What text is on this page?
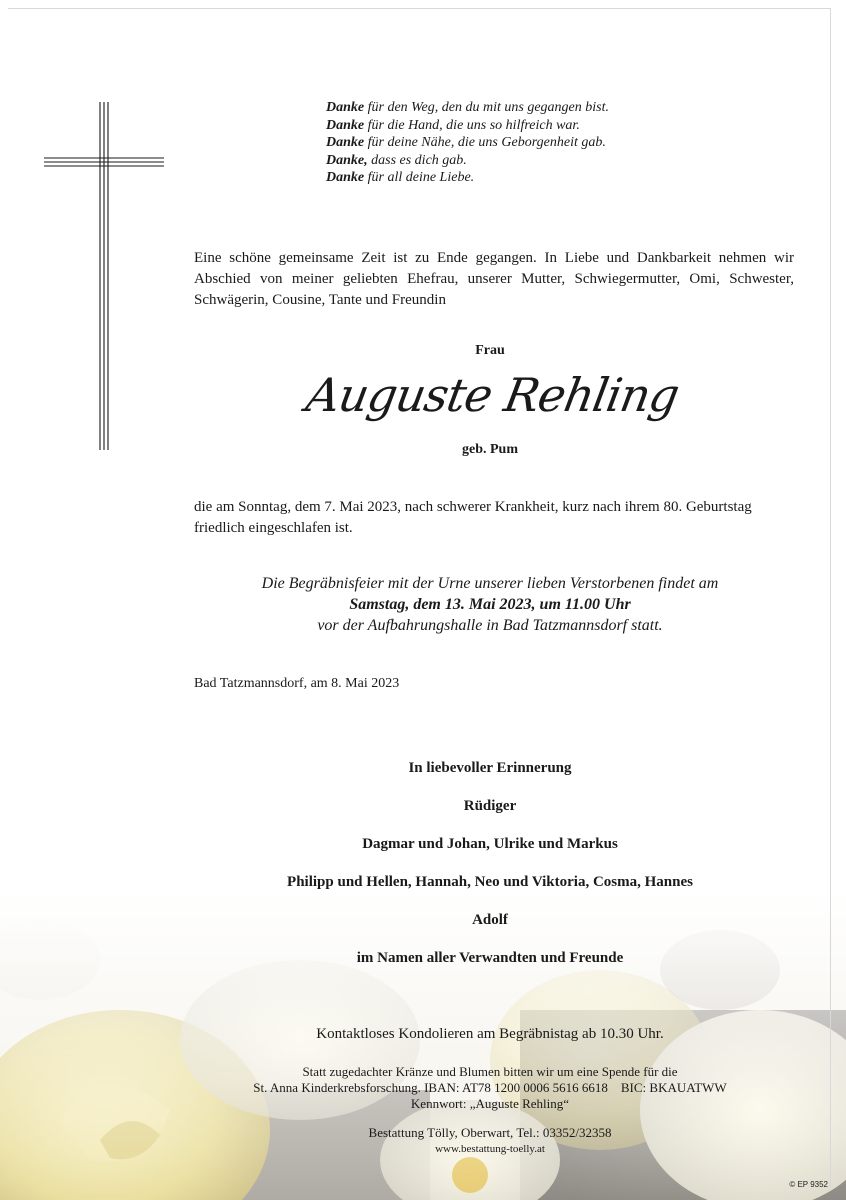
Danke für den Weg, den du mit uns gegangen bist.
Danke für die Hand, die uns so hilfreich war.
Danke für deine Nähe, die uns Geborgenheit gab.
Danke, dass es dich gab.
Danke für all deine Liebe.
Eine schöne gemeinsame Zeit ist zu Ende gegangen. In Liebe und Dankbarkeit nehmen wir Abschied von meiner geliebten Ehefrau, unserer Mutter, Schwiegermutter, Omi, Schwester, Schwägerin, Cousine, Tante und Freundin
Frau
Auguste Rehling
geb. Pum
die am Sonntag, dem 7. Mai 2023, nach schwerer Krankheit, kurz nach ihrem 80. Geburtstag friedlich eingeschlafen ist.
Die Begräbnisfeier mit der Urne unserer lieben Verstorbenen findet am
Samstag, dem 13. Mai 2023, um 11.00 Uhr
vor der Aufbahrungshalle in Bad Tatzmannsdorf statt.
Bad Tatzmannsdorf, am 8. Mai 2023
In liebevoller Erinnerung
Rüdiger
Dagmar und Johan, Ulrike und Markus
Philipp und Hellen, Hannah, Neo und Viktoria, Cosma, Hannes
Adolf
im Namen aller Verwandten und Freunde
Kontaktloses Kondolieren am Begräbnistag ab 10.30 Uhr.
Statt zugedachter Kränze und Blumen bitten wir um eine Spende für die
St. Anna Kinderkrebsforschung. IBAN: AT78 1200 0006 5616 6618    BIC: BKAUATWW
Kennwort: „Auguste Rehling“
Bestattung Tölly, Oberwart, Tel.: 03352/32358
www.bestattung-toelly.at
© EP 9352
